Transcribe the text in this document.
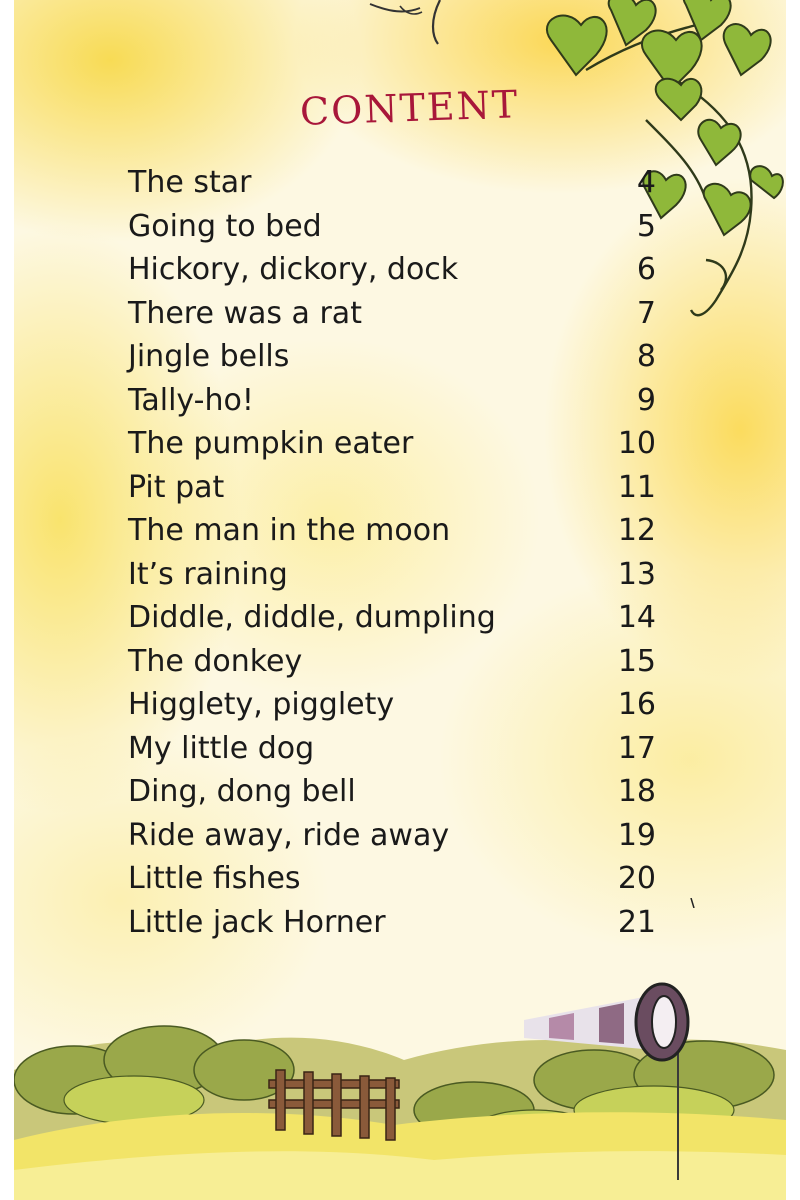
CONTENT
The star	4
Going to bed	5
Hickory, dickory, dock	6
There was a rat	7
Jingle bells	8
Tally-ho!	9
The pumpkin eater	10
Pit pat	11
The man in the moon	12
It’s raining	13
Diddle, diddle, dumpling	14
The donkey	15
Higglety, pigglety	16
My little dog	17
Ding, dong bell	18
Ride away, ride away	19
Little fishes	20
Little jack Horner	21
